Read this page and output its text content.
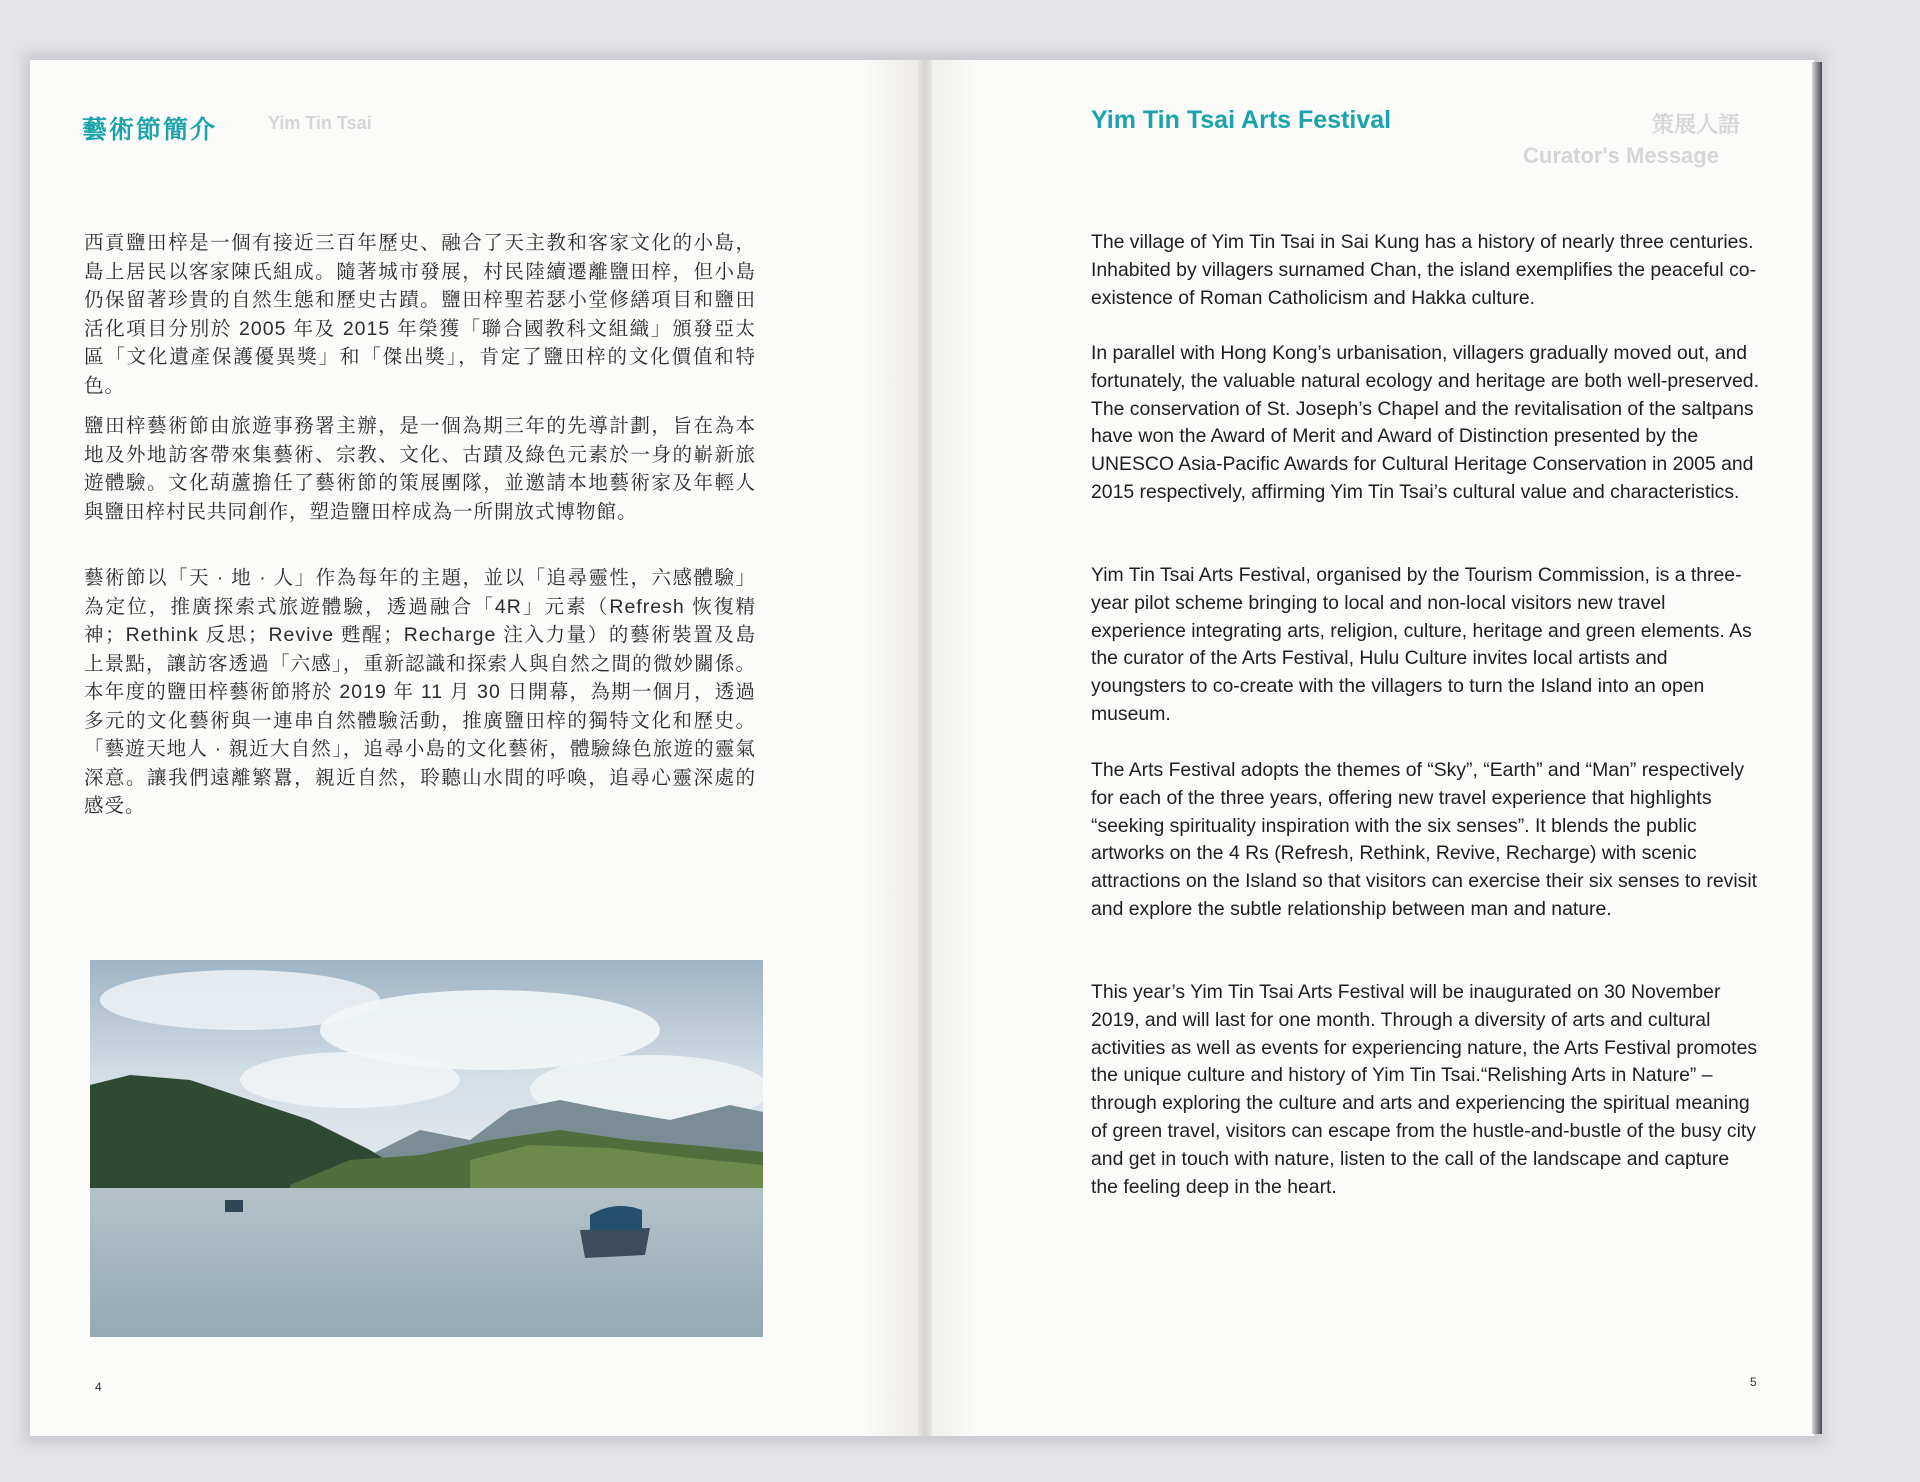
藝術節簡介	Yim Tin Tsai

西貢鹽田梓是一個有接近三百年歷史、融合了天主教和客家文化的小島，島上居民以客家陳氏組成。隨著城市發展，村民陸續遷離鹽田梓，但小島仍保留著珍貴的自然生態和歷史古蹟。鹽田梓聖若瑟小堂修繕項目和鹽田活化項目分別於 2005 年及 2015 年榮獲「聯合國教科文組織」頒發亞太區「文化遺產保護優異獎」和「傑出獎」，肯定了鹽田梓的文化價值和特色。

鹽田梓藝術節由旅遊事務署主辦，是一個為期三年的先導計劃，旨在為本地及外地訪客帶來集藝術、宗教、文化、古蹟及綠色元素於一身的嶄新旅遊體驗。文化葫蘆擔任了藝術節的策展團隊，並邀請本地藝術家及年輕人與鹽田梓村民共同創作，塑造鹽田梓成為一所開放式博物館。

藝術節以「天 · 地 · 人」作為每年的主題，並以「追尋靈性，六感體驗」為定位，推廣探索式旅遊體驗，透過融合「4R」元素（Refresh 恢復精神；Rethink 反思；Revive 甦醒；Recharge 注入力量）的藝術裝置及島上景點，讓訪客透過「六感」，重新認識和探索人與自然之間的微妙關係。本年度的鹽田梓藝術節將於 2019 年 11 月 30 日開幕，為期一個月，透過多元的文化藝術與一連串自然體驗活動，推廣鹽田梓的獨特文化和歷史。「藝遊天地人 · 親近大自然」，追尋小島的文化藝術，體驗綠色旅遊的靈氣深意。讓我們遠離繁囂，親近自然，聆聽山水間的呼喚，追尋心靈深處的感受。

4
策展人語
Curator's Message
Yim Tin Tsai Arts Festival

The village of Yim Tin Tsai in Sai Kung has a history of nearly three centuries. Inhabited by villagers surnamed Chan, the island exemplifies the peaceful co-existence of Roman Catholicism and Hakka culture.

In parallel with Hong Kong’s urbanisation, villagers gradually moved out, and fortunately, the valuable natural ecology and heritage are both well-preserved. The conservation of St. Joseph’s Chapel and the revitalisation of the saltpans have won the Award of Merit and Award of Distinction presented by the UNESCO Asia-Pacific Awards for Cultural Heritage Conservation in 2005 and 2015 respectively, affirming Yim Tin Tsai’s cultural value and characteristics.

Yim Tin Tsai Arts Festival, organised by the Tourism Commission, is a three-year pilot scheme bringing to local and non-local visitors new travel experience integrating arts, religion, culture, heritage and green elements. As the curator of the Arts Festival, Hulu Culture invites local artists and youngsters to co-create with the villagers to turn the Island into an open museum.

The Arts Festival adopts the themes of “Sky”, “Earth” and “Man” respectively for each of the three years, offering new travel experience that highlights “seeking spirituality inspiration with the six senses”. It blends the public artworks on the 4 Rs (Refresh, Rethink, Revive, Recharge) with scenic attractions on the Island so that visitors can exercise their six senses to revisit and explore the subtle relationship between man and nature.

This year’s Yim Tin Tsai Arts Festival will be inaugurated on 30 November 2019, and will last for one month. Through a diversity of arts and cultural activities as well as events for experiencing nature, the Arts Festival promotes the unique culture and history of Yim Tin Tsai.“Relishing Arts in Nature” – through exploring the culture and arts and experiencing the spiritual meaning of green travel, visitors can escape from the hustle-and-bustle of the busy city and get in touch with nature, listen to the call of the landscape and capture the feeling deep in the heart.

5
